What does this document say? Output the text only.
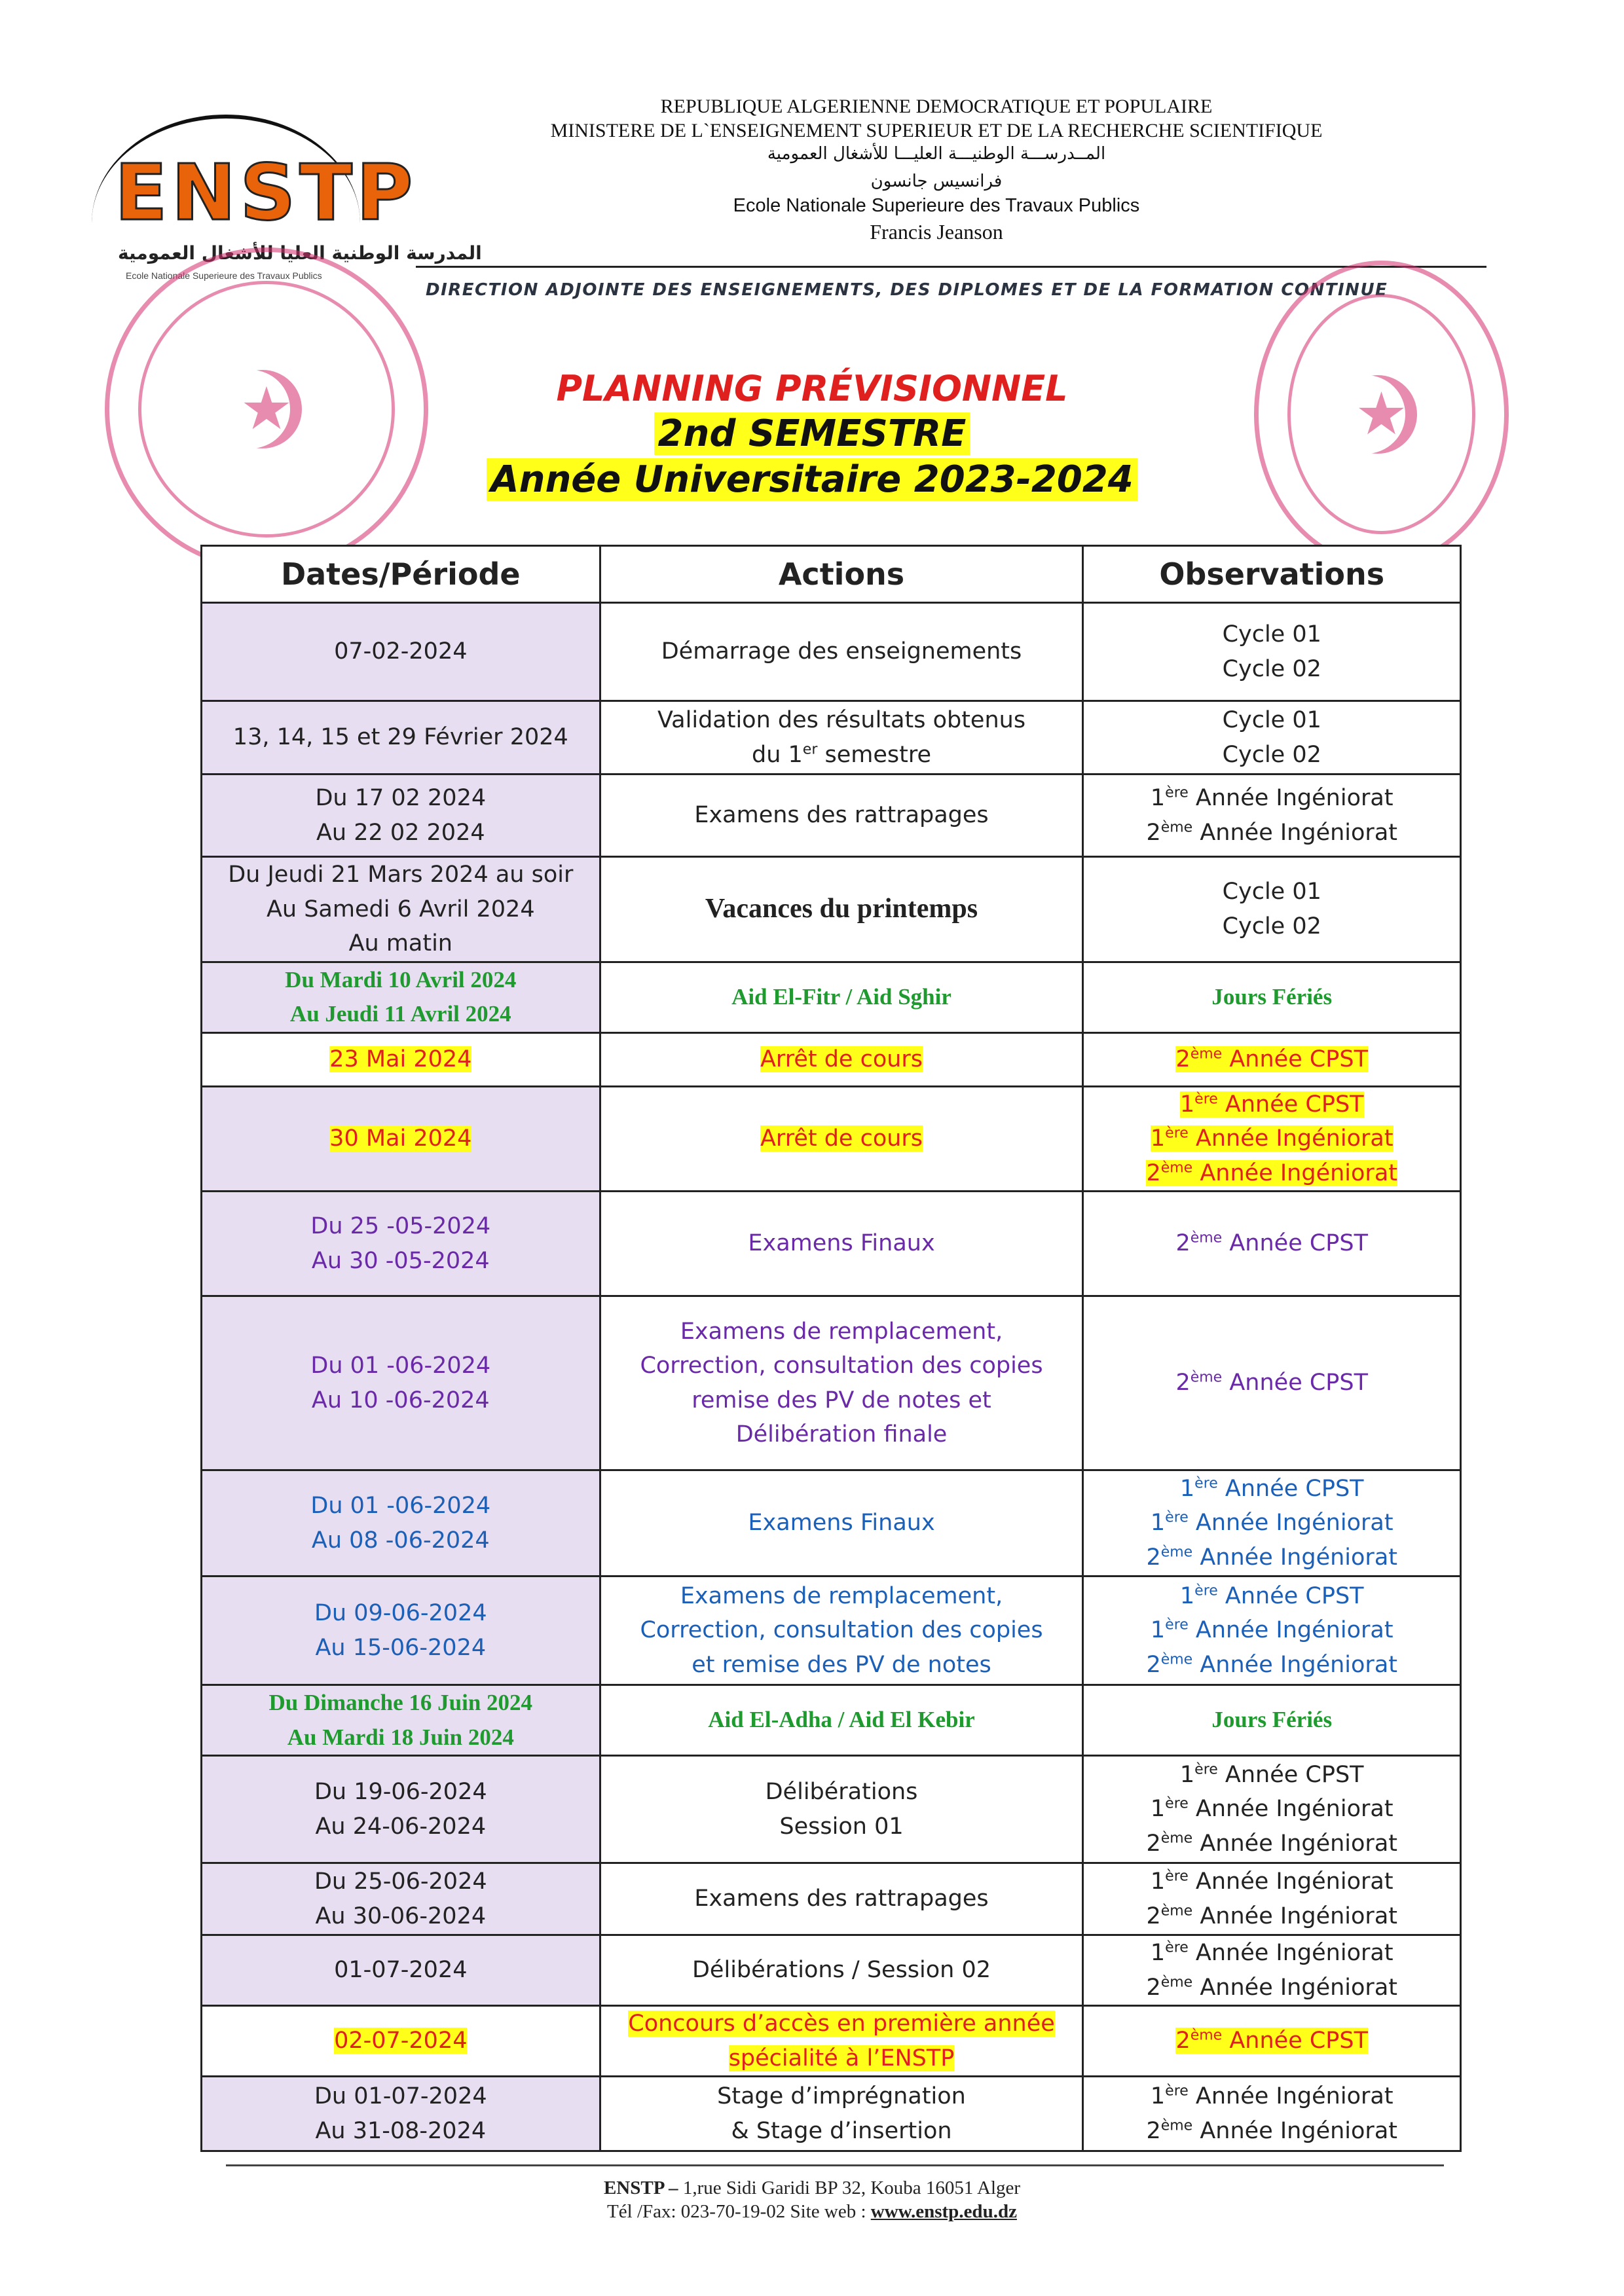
ENSTP
المدرسة الوطنية العليا للأشغال العمومية
Ecole Nationale Superieure des Travaux Publics
REPUBLIQUE ALGERIENNE DEMOCRATIQUE ET POPULAIRE
MINISTERE DE L`ENSEIGNEMENT SUPERIEUR ET DE LA RECHERCHE SCIENTIFIQUE
المــدرســـة الوطنيـــة العليـــا للأشغال العمومية
فرانسيس جانسون
Ecole Nationale Superieure des Travaux Publics
Francis Jeanson
DIRECTION ADJOINTE DES ENSEIGNEMENTS, DES DIPLOMES ET DE LA FORMATION CONTINUE
★	★
PLANNING PRÉVISIONNEL
2nd SEMESTRE
Année Universitaire 2023-2024
Dates/Période	Actions	Observations

07-02-2024	Démarrage des enseignements	Cycle 01
Cycle 02

13, 14, 15 et 29 Février 2024	Validation des résultats obtenus
du 1er semestre	Cycle 01
Cycle 02

Du 17 02 2024
Au 22 02 2024	Examens des rattrapages	1ère Année Ingéniorat
2ème Année Ingéniorat

Du Jeudi 21 Mars 2024 au soir
Au Samedi 6 Avril 2024
Au matin	Vacances du printemps	Cycle 01
Cycle 02

Du Mardi 10 Avril 2024
Au Jeudi 11 Avril 2024	Aid El-Fitr / Aid Sghir	Jours Fériés

23 Mai 2024	Arrêt de cours	2ème Année CPST

30 Mai 2024	Arrêt de cours	1ère Année CPST
1ère Année Ingéniorat
2ème Année Ingéniorat

Du 25 -05-2024
Au 30 -05-2024	Examens Finaux	2ème Année CPST

Du 01 -06-2024
Au 10 -06-2024	Examens de remplacement,
Correction, consultation des copies
remise des PV de notes et
Délibération finale	2ème Année CPST

Du 01 -06-2024
Au 08 -06-2024	Examens Finaux	1ère Année CPST
1ère Année Ingéniorat
2ème Année Ingéniorat

Du 09-06-2024
Au 15-06-2024	Examens de remplacement,
Correction, consultation des copies
et remise des PV de notes	1ère Année CPST
1ère Année Ingéniorat
2ème Année Ingéniorat

Du Dimanche 16 Juin 2024
Au Mardi 18 Juin 2024	Aid El-Adha / Aid El Kebir	Jours Fériés

Du 19-06-2024
Au 24-06-2024	Délibérations
Session 01	1ère Année CPST
1ère Année Ingéniorat
2ème Année Ingéniorat

Du 25-06-2024
Au 30-06-2024	Examens des rattrapages	1ère Année Ingéniorat
2ème Année Ingéniorat

01-07-2024	Délibérations / Session 02	1ère Année Ingéniorat
2ème Année Ingéniorat

02-07-2024	Concours d’accès en première année
spécialité à l’ENSTP	2ème Année CPST

Du 01-07-2024
Au 31-08-2024	Stage d’imprégnation
& Stage d’insertion	1ère Année Ingéniorat
2ème Année Ingéniorat
ENSTP – 1,rue Sidi Garidi BP 32, Kouba 16051 Alger
Tél /Fax: 023-70-19-02 Site web : www.enstp.edu.dz
